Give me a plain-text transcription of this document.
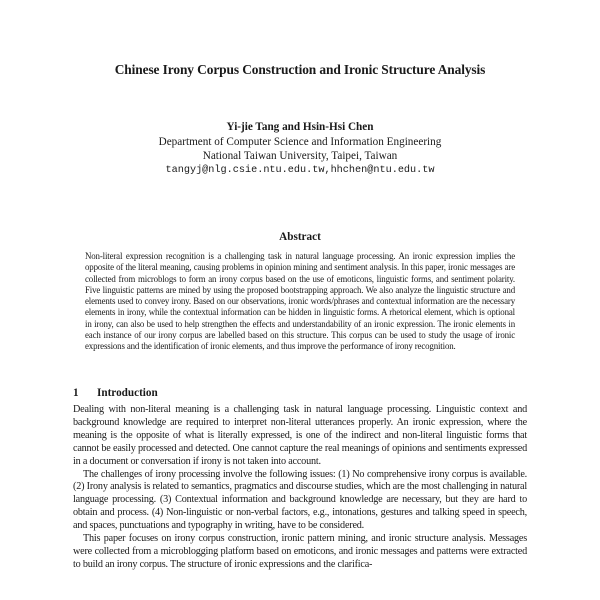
Chinese Irony Corpus Construction and Ironic Structure Analysis
Yi-jie Tang and Hsin-Hsi Chen
Department of Computer Science and Information Engineering
National Taiwan University, Taipei, Taiwan
tangyj@nlg.csie.ntu.edu.tw,hhchen@ntu.edu.tw
Abstract
Non-literal expression recognition is a challenging task in natural language processing. An ironic expression implies the opposite of the literal meaning, causing problems in opinion mining and sentiment analysis. In this paper, ironic messages are collected from microblogs to form an irony corpus based on the use of emoticons, linguistic forms, and sentiment polarity. Five linguistic patterns are mined by using the proposed bootstrapping approach. We also analyze the linguistic structure and elements used to convey irony. Based on our observations, ironic words/phrases and contextual information are the necessary elements in irony, while the contextual information can be hidden in linguistic forms. A rhetorical element, which is optional in irony, can also be used to help strengthen the effects and understandability of an ironic expression. The ironic elements in each instance of our irony corpus are labelled based on this structure. This corpus can be used to study the usage of ironic expressions and the identification of ironic elements, and thus improve the performance of irony recognition.
1 Introduction

Dealing with non-literal meaning is a challenging task in natural language processing. Linguistic context and background knowledge are required to interpret non-literal utterances properly. An ironic expression, where the meaning is the opposite of what is literally expressed, is one of the indirect and non-literal linguistic forms that cannot be easily processed and detected. One cannot capture the real meanings of opinions and sentiments expressed in a document or conversation if irony is not taken into account.

The challenges of irony processing involve the following issues: (1) No comprehensive irony corpus is available. (2) Irony analysis is related to semantics, pragmatics and discourse studies, which are the most challenging in natural language processing. (3) Contextual information and background knowledge are necessary, but they are hard to obtain and process. (4) Non-linguistic or non-verbal factors, e.g., intonations, gestures and talking speed in speech, and spaces, punctuations and typography in writing, have to be considered.

This paper focuses on irony corpus construction, ironic pattern mining, and ironic structure analysis. Messages were collected from a microblogging platform based on emoticons, and ironic messages and patterns were extracted to build an irony corpus. The structure of ironic expressions and the clarifica-
